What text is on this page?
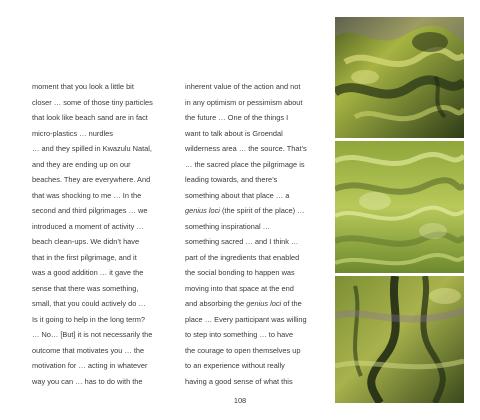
moment that you look a little bit
closer … some of those tiny particles
that look like beach sand are in fact
micro-plastics … nurdles
… and they spilled in Kwazulu Natal,
and they are ending up on our
beaches. They are everywhere. And
that was shocking to me … In the
second and third pilgrimages … we
introduced a moment of activity …
beach clean-ups. We didn’t have
that in the first pilgrimage, and it
was a good addition … it gave the
sense that there was something,
small, that you could actively do …
Is it going to help in the long term?
… No… [But] it is not necessarily the
outcome that motivates you … the
motivation for … acting in whatever
way you can … has to do with the
inherent value of the action and not
in any optimism or pessimism about
the future … One of the things I
want to talk about is Groendal
wilderness area … the source. That’s
… the sacred place the pilgrimage is
leading towards, and there’s
something about that place … a
genius loci (the spirit of the place) …
something inspirational …
something sacred … and I think …
part of the ingredients that enabled
the social bonding to happen was
moving into that space at the end
and absorbing the genius loci of the
place … Every participant was willing
to step into something … to have
the courage to open themselves up
to an experience without really
having a good sense of what this
108
